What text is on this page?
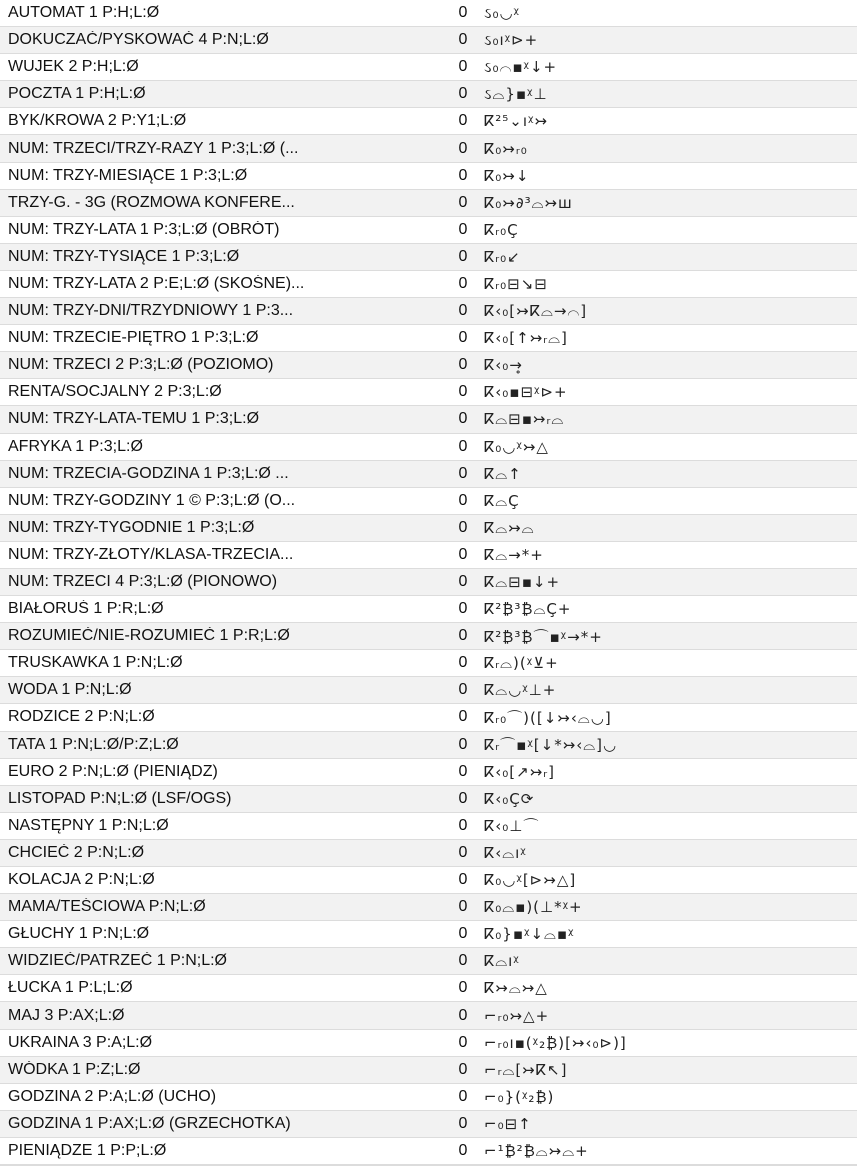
AUTOMAT 1 P:H;L:Ø	0 ઽ₀◡ᵡ
DOKUCZAĆ/PYSKOWAĆ 4 P:N;L:Ø	0 ઽ₀ıᵡ⊳+
WUJEK 2 P:H;L:Ø	0 ઽ₀⌒▪ᵡ↓+
POCZTA 1 P:H;L:Ø	0 ઽ⌓}▪ᵡ⊥
BYK/KROWA 2 P:Y1;L:Ø	0 ⴽ²⁵⌄ıᵡ↣
NUM: TRZECI/TRZY-RAZY 1 P:3;L:Ø (...	0 ⴽ₀↣ᵣ₀
NUM: TRZY-MIESIĄCE 1 P:3;L:Ø	0 ⴽ₀↣↓
TRZY-G. - 3G (ROZMOWA KONFERE...	0 ⴽ₀↣∂³⌓↣ш
NUM: TRZY-LATA 1 P:3;L:Ø (OBRÓT)	0 ⴽᵣ₀Ç
NUM: TRZY-TYSIĄCE 1 P:3;L:Ø	0 ⴽᵣ₀↙
NUM: TRZY-LATA 2 P:E;L:Ø (SKOŚNE)...	0 ⴽᵣ₀⊟↘⊟
NUM: TRZY-DNI/TRZYDNIOWY 1 P:3...	0 ⴽ‹₀[↣ⴽ⌓→⌒]
NUM: TRZECIE-PIĘTRO 1 P:3;L:Ø	0 ⴽ‹₀[↑↣ᵣ⌓]
NUM: TRZECI 2 P:3;L:Ø (POZIOMO)	0 ⴽ‹₀→̥
RENTA/SOCJALNY 2 P:3;L:Ø	0 ⴽ‹₀▪⊟ᵡ⊳+
NUM: TRZY-LATA-TEMU 1 P:3;L:Ø	0 ⴽ⌓⊟▪↣ᵣ⌓
AFRYKA 1 P:3;L:Ø	0 ⴽ₀◡ᵡ↣△
NUM: TRZECIA-GODZINA 1 P:3;L:Ø ...	0 ⴽ⌓↑
NUM: TRZY-GODZINY 1 © P:3;L:Ø (O...	0 ⴽ⌓Ç
NUM: TRZY-TYGODNIE 1 P:3;L:Ø	0 ⴽ⌓↣⌓
NUM: TRZY-ZŁOTY/KLASA-TRZECIA...	0 ⴽ⌓→*+
NUM: TRZECI 4 P:3;L:Ø (PIONOWO)	0 ⴽ⌓⊟▪↓+
BIAŁORUŚ 1 P:R;L:Ø	0 ⴽ²₿³₿⌓Ç+
ROZUMIEĆ/NIE-ROZUMIEĆ 1 P:R;L:Ø	0 ⴽ²₿³₿⌒▪ᵡ→*+
TRUSKAWKA 1 P:N;L:Ø	0 ⴽᵣ⌓)(ᵡ⊻+
WODA 1 P:N;L:Ø	0 ⴽ⌓◡ᵡ⊥+
RODZICE 2 P:N;L:Ø	0 ⴽᵣ₀⌒)([↓↣‹⌓◡]
TATA 1 P:N;L:Ø/P:Z;L:Ø	0 ⴽᵣ⌒▪ᵡ[↓*↣‹⌓]◡
EURO 2 P:N;L:Ø (PIENIĄDZ)	0 ⴽ‹₀[↗↣ᵣ]
LISTOPAD P:N;L:Ø (LSF/OGS)	0 ⴽ‹₀Ç⟳
NASTĘPNY 1 P:N;L:Ø	0 ⴽ‹₀⊥⌒
CHCIEĆ 2 P:N;L:Ø	0 ⴽ‹⌓ıᵡ
KOLACJA 2 P:N;L:Ø	0 ⴽ₀◡ᵡ[⊳↣△]
MAMA/TEŚCIOWA P:N;L:Ø	0 ⴽ₀⌓▪)(⊥*ᵡ+
GŁUCHY 1 P:N;L:Ø	0 ⴽ₀}▪ᵡ↓⌓▪ᵡ
WIDZIEĆ/PATRZEĆ 1 P:N;L:Ø	0 ⴽ⌓ıᵡ
ŁUCKA 1 P:L;L:Ø	0 ⴽ↣⌓↣△
MAJ 3 P:AX;L:Ø	0 ⌐ᵣ₀↣△+
UKRAINA 3 P:A;L:Ø	0 ⌐ᵣ₀ı▪(ᵡ₂₿)[↣‹₀⊳)]
WÓDKA 1 P:Z;L:Ø	0 ⌐ᵣ⌓[↣ⴽ↖]
GODZINA 2 P:A;L:Ø (UCHO)	0 ⌐₀}(ᵡ₂₿)
GODZINA 1 P:AX;L:Ø (GRZECHOTKA)	0 ⌐₀⊟↑
PIENIĄDZE 1 P:P;L:Ø	0 ⌐¹₿²₿⌓↣⌓+
